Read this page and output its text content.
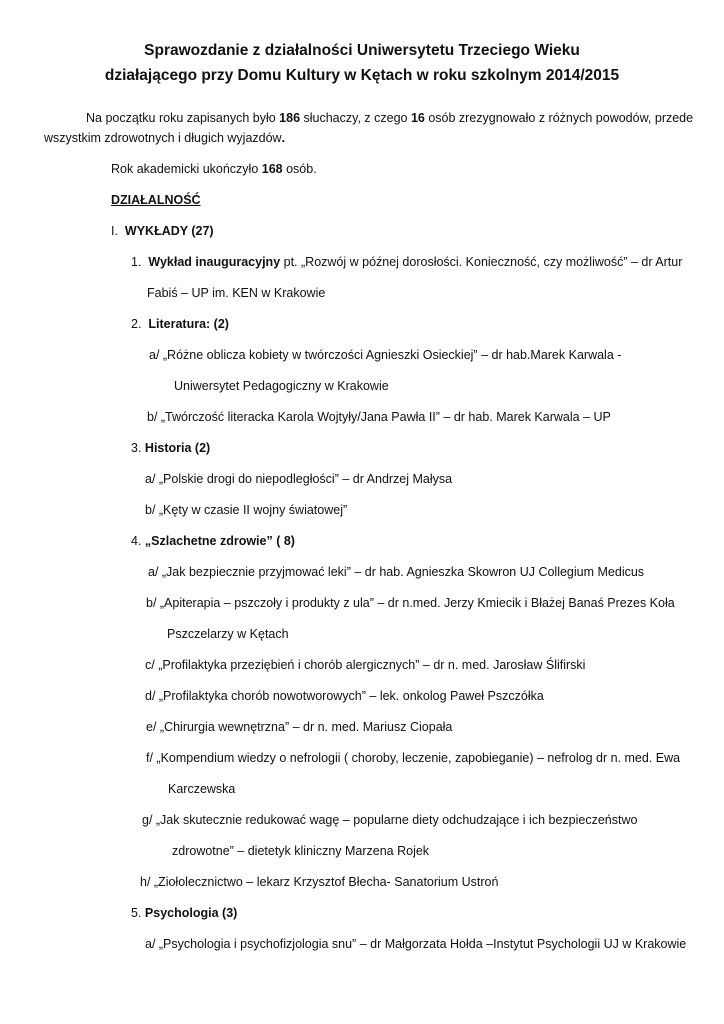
Sprawozdanie z działalności Uniwersytetu Trzeciego Wieku
działającego przy Domu Kultury w Kętach w roku szkolnym 2014/2015
Na początku roku zapisanych było 186 słuchaczy, z czego 16 osób zrezygnowało z różnych powodów, przede
wszystkim zdrowotnych i długich wyjazdów.
Rok akademicki ukończyło 168 osób.
DZIAŁALNOŚĆ
I. WYKŁADY (27)
1. Wykład inauguracyjny pt. „Rozwój w późnej dorosłości. Konieczność, czy możliwość” – dr Artur
Fabiś – UP im. KEN w Krakowie
2. Literatura: (2)
a/ „Różne oblicza kobiety w twórczości Agnieszki Osieckiej” – dr hab.Marek Karwala -
Uniwersytet Pedagogiczny w Krakowie
b/ „Twórczość literacka Karola Wojtyły/Jana Pawła II” – dr hab. Marek Karwala – UP
3. Historia (2)
a/ „Polskie drogi do niepodległości” – dr Andrzej Małysa
b/ „Kęty w czasie II wojny światowej”
4. „Szlachetne zdrowie” ( 8)
a/ „Jak bezpiecznie przyjmować leki” – dr hab. Agnieszka Skowron UJ Collegium Medicus
b/ „Apiterapia – pszczoły i produkty z ula” – dr n.med. Jerzy Kmiecik i Błażej Banaś Prezes Koła
Pszczelarzy w Kętach
c/ „Profilaktyka przeziębień i chorób alergicznych” – dr n. med. Jarosław Ślifirski
d/ „Profilaktyka chorób nowotworowych” – lek. onkolog Paweł Pszczółka
e/ „Chirurgia wewnętrzna” – dr n. med. Mariusz Ciopała
f/ „Kompendium wiedzy o nefrologii ( choroby, leczenie, zapobieganie) – nefrolog dr n. med. Ewa
Karczewska
g/ „Jak skutecznie redukować wagę – popularne diety odchudzające i ich bezpieczeństwo
zdrowotne” – dietetyk kliniczny Marzena Rojek
h/ „Ziołolecznictwo – lekarz Krzysztof Błecha- Sanatorium Ustroń
5. Psychologia (3)
a/ „Psychologia i psychofizjologia snu” – dr Małgorzata Hołda –Instytut Psychologii UJ w Krakowie
